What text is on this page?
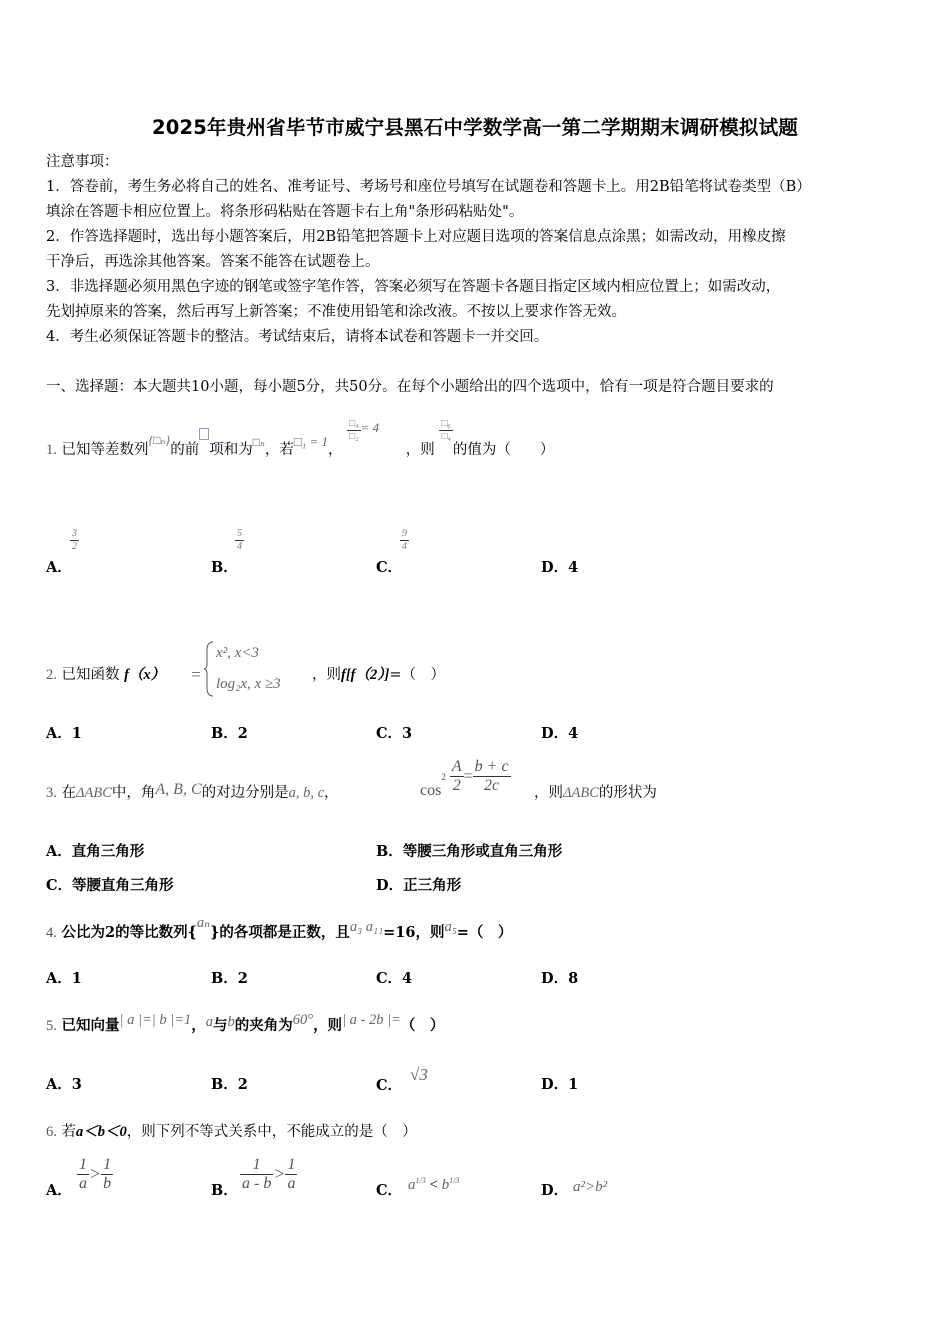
2025年贵州省毕节市威宁县黑石中学数学高一第二学期期末调研模拟试题
注意事项：
1．答卷前，考生务必将自己的姓名、准考证号、考场号和座位号填写在试题卷和答题卡上。用2B铅笔将试卷类型（B）
填涂在答题卡相应位置上。将条形码粘贴在答题卡右上角"条形码粘贴处"。
2．作答选择题时，选出每小题答案后，用2B铅笔把答题卡上对应题目选项的答案信息点涂黑；如需改动，用橡皮擦
干净后，再选涂其他答案。答案不能答在试题卷上。
3．非选择题必须用黑色字迹的钢笔或签字笔作答，答案必须写在答题卡各题目指定区域内相应位置上；如需改动，
先划掉原来的答案，然后再写上新答案；不准使用铅笔和涂改液。不按以上要求作答无效。
4．考生必须保证答题卡的整洁。考试结束后，请将本试卷和答题卡一并交回。
一、选择题：本大题共10小题，每小题5分，共50分。在每个小题给出的四个选项中，恰有一项是符合题目要求的
1. 已知等差数列$^{\{□_n\}}$的前 项和为$^{□_n}$，若□₁ = 1，
$\frac{\text{□₄}}{\text{□₂}} = 4$ ，则
$\frac{\text{□₆}}{\text{□₄}}$
的值为（　　）
A．
$\frac{3}{2}$
B．
$\frac{5}{4}$
C．
$\frac{9}{4}$
D．4
2. 已知函数 f（x） =
x², x<3
log₂x, x ≥3
，则f[f（2）]=（　）
A．1	B．2	C．3	D．4
3. 在ΔABC中，角A, B, C的对边分别是a, b, c，	$\cos^2 \frac{A}{2} = \frac{b + c}{2c}$ ，则ΔABC的形状为
A．直角三角形	B．等腰三角形或直角三角形
C．等腰直角三角形	D．正三角形
4. 公比为2的等比数列{aₙ}的各项都是正数，且a₃ a₁₁=16，则a₅=（　）
A．1	B．2	C．4	D．8
5. 已知向量| a |=| b |=1，a与b的夹角为60°，则| a - 2b |=（　）
A．3	B．2	C．√3
D．1
6. 若a＜b＜0，则下列不等式关系中，不能成立的是（　）
A． $\frac{1}{a} > \frac{1}{b}$	B． $\frac{1}{a - b} > \frac{1}{a}$	C． $a^{1/3} < b^{1/3}$
D． a²>b²
